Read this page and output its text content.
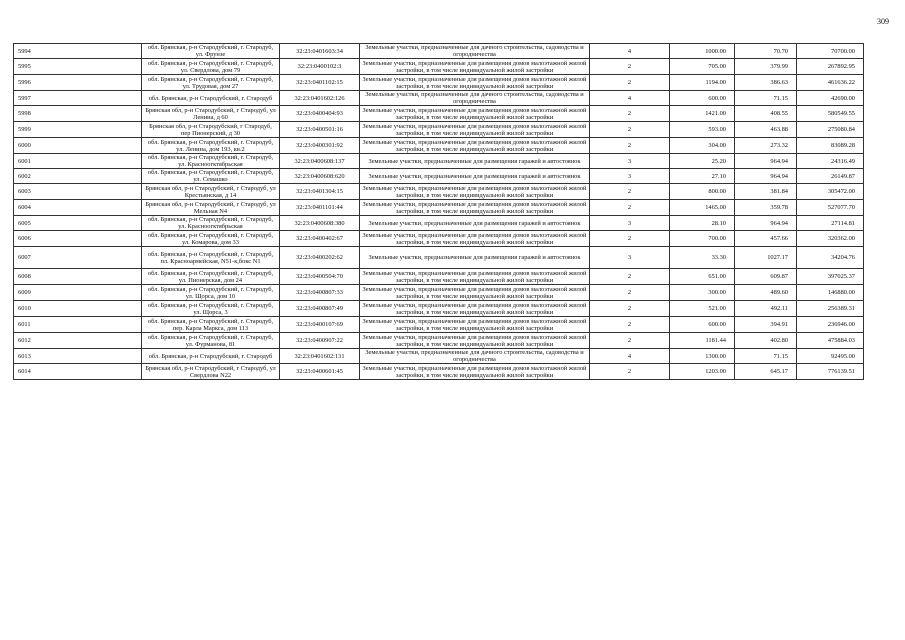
309
5994	обл. Брянская, р-н Стародубский, г. Стародуб, ул. Фрунзе	32:23:0401603:34	Земельные участки, предназначенные для дачного строительства, садоводства и огородничества	4	1000.00	70.70	70700.00
5995	обл. Брянская, р-н Стародубский, г. Стародуб, ул. Свердлова, дом 79	32:23:0400102:3	Земельные участки, предназначенные для размещения домов малоэтажной жилой застройки, в том числе индивидуальной жилой застройки	2	705.00	379.99	267892.95
5996	обл. Брянская, р-н Стародубский, г. Стародуб, ул. Трудовая, дом 27	32:23:0401102:15	Земельные участки, предназначенные для размещения домов малоэтажной жилой застройки, в том числе индивидуальной жилой застройки	2	1194.00	386.63	461636.22
5997	обл. Брянская, р-н Стародубский, г. Стародуб	32:23:0401602:126	Земельные участки, предназначенные для дачного строительства, садоводства и огородничества	4	600.00	71.15	42690.00
5998	Брянская обл, р-н Стародубский, г Стародуб, ул Ленина, д 60	32:23:0400404:93	Земельные участки, предназначенные для размещения домов малоэтажной жилой застройки, в том числе индивидуальной жилой застройки	2	1421.00	408.55	580549.55
5999	Брянская обл, р-н Стародубский, г Стародуб, пер Пионерский, д 30	32:23:0400501:16	Земельные участки, предназначенные для размещения домов малоэтажной жилой застройки, в том числе индивидуальной жилой застройки	2	593.00	463.88	275080.84
6000	обл. Брянская, р-н Стародубский, г. Стародуб, ул. Ленина, дом 193, кв.2	32:23:0400301:92	Земельные участки, предназначенные для размещения домов малоэтажной жилой застройки, в том числе индивидуальной жилой застройки	2	304.00	273.32	83089.28
6001	обл. Брянская, р-н Стародубский, г. Стародуб, ул. Красноогктябрьская	32:23:0400608:137	Земельные участки, предназначенные для размещения гаражей и автостоянок	3	25.20	964.94	24316.49
6002	обл. Брянская, р-н Стародубский, г. Стародуб, ул. Семашко	32:23:0400608:620	Земельные участки, предназначенные для размещения гаражей и автостоянок	3	27.10	964.94	26149.87
6003	Брянская обл, р-н Стародубский, г Стародуб, ул Крестьянская, д 14	32:23:0401304:15	Земельные участки, предназначенные для размещения домов малоэтажной жилой застройки, в том числе индивидуальной жилой застройки	2	800.00	381.84	305472.00
6004	Брянская обл, р-н Стародубский, г Стародуб, ул Мельная N4	32:23:0401101:44	Земельные участки, предназначенные для размещения домов малоэтажной жилой застройки, в том числе индивидуальной жилой застройки	2	1465.00	359.78	527077.70
6005	обл. Брянская, р-н Стародубский, г. Стародуб, ул. Красноогктябрьская	32:23:0400608:380	Земельные участки, предназначенные для размещения гаражей и автостоянок	3	28.10	964.94	27114.81
6006	обл. Брянская, р-н Стародубский, г. Стародуб, ул. Комарова, дом 33	32:23:0400402:67	Земельные участки, предназначенные для размещения домов малоэтажной жилой застройки, в том числе индивидуальной жилой застройки	2	700.00	457.66	320362.00
6007	обл. Брянская, р-н Стародубский, г. Стародуб, пл. Красноармейская, N51-к,бокс N1	32:23:0400202:62	Земельные участки, предназначенные для размещения гаражей и автостоянок	3	33.30	1027.17	34204.76
6008	обл. Брянская, р-н Стародубский, г. Стародуб, ул. Пионерская, дом 24	32:23:0400504:70	Земельные участки, предназначенные для размещения домов малоэтажной жилой застройки, в том числе индивидуальной жилой застройки	2	651.00	609.87	397025.37
6009	обл. Брянская, р-н Стародубский, г. Стародуб, ул. Щорса, дом 10	32:23:0400807:33	Земельные участки, предназначенные для размещения домов малоэтажной жилой застройки, в том числе индивидуальной жилой застройки	2	300.00	489.60	146880.00
6010	обл. Брянская, р-н Стародубский, г. Стародуб, ул. Щорса, 3	32:23:0400807:49	Земельные участки, предназначенные для размещения домов малоэтажной жилой застройки, в том числе индивидуальной жилой застройки	2	521.00	492.11	256389.31
6011	обл. Брянская, р-н Стародубский, г. Стародуб, пер. Карла Маркса, дом 113	32:23:0400107:69	Земельные участки, предназначенные для размещения домов малоэтажной жилой застройки, в том числе индивидуальной жилой застройки	2	600.00	394.91	236946.00
6012	обл. Брянская, р-н Стародубский, г. Стародуб, ул. Фурманова, 81	32:23:0400907:22	Земельные участки, предназначенные для размещения домов малоэтажной жилой застройки, в том числе индивидуальной жилой застройки	2	1181.44	402.80	475884.03
6013	обл. Брянская, р-н Стародубский, г. Стародуб	32:23:0401602:131	Земельные участки, предназначенные для дачного строительства, садоводства и огородничества	4	1300.00	71.15	92495.00
6014	Брянская обл, р-н Стародубский, г Стародуб, ул Свердлова N22	32:23:0400601:45	Земельные участки, предназначенные для размещения домов малоэтажной жилой застройки, в том числе индивидуальной жилой застройки	2	1203.00	645.17	776139.51
